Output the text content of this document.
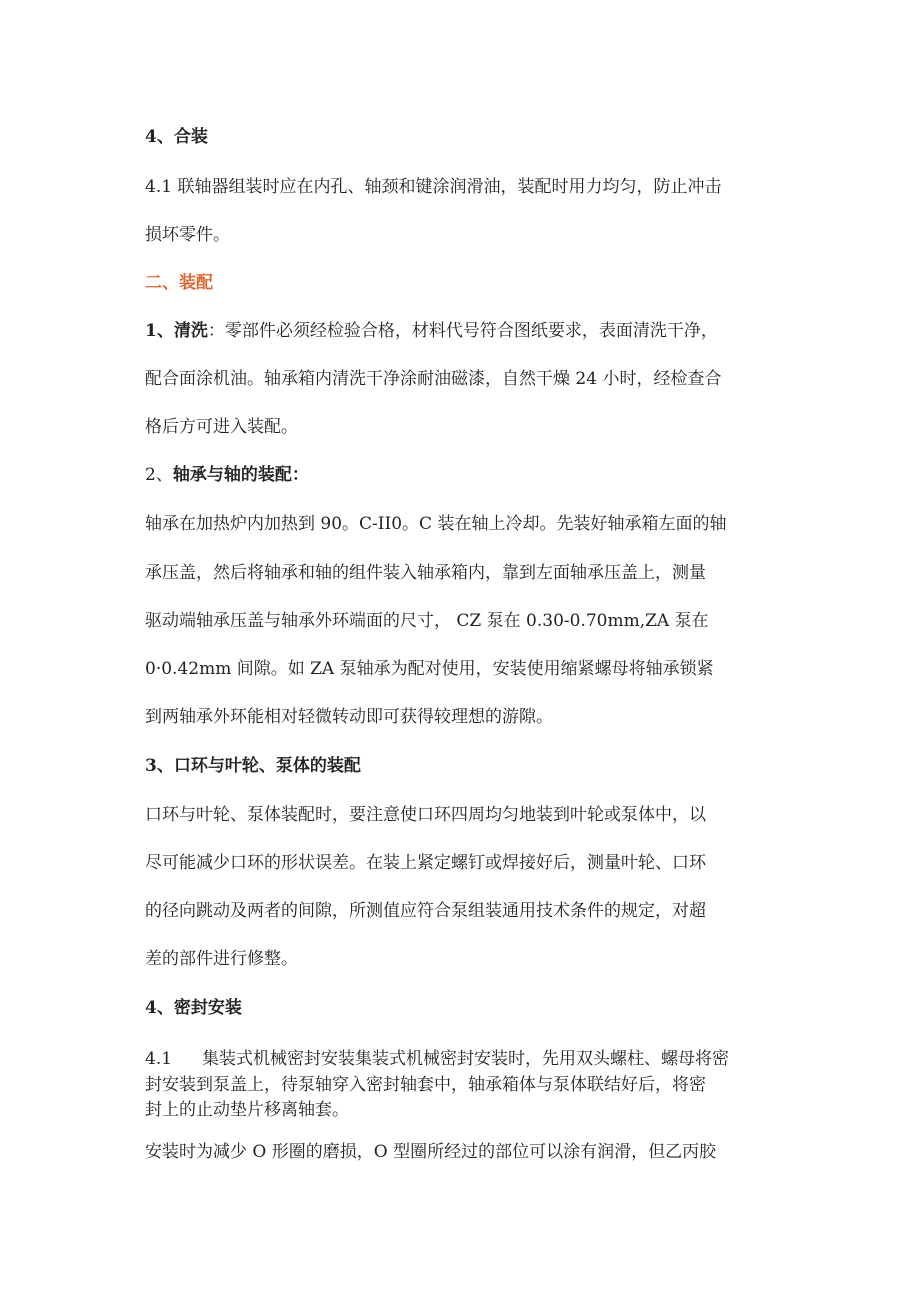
4、合装
4.1 联轴器组装时应在内孔、轴颈和键涂润滑油，装配时用力均匀，防止冲击
损坏零件。
二、装配
1、清洗：零部件必须经检验合格，材料代号符合图纸要求，表面清洗干净，
配合面涂机油。轴承箱内清洗干净涂耐油磁漆，自然干燥 24 小时，经检查合
格后方可进入装配。
2、轴承与轴的装配：
轴承在加热炉内加热到 90。C-II0。C 装在轴上冷却。先装好轴承箱左面的轴
承压盖，然后将轴承和轴的组件装入轴承箱内，靠到左面轴承压盖上，测量
驱动端轴承压盖与轴承外环端面的尺寸， CZ 泵在 0.30-0.70mm,ZA 泵在
0·0.42mm 间隙。如 ZA 泵轴承为配对使用，安装使用缩紧螺母将轴承锁紧
到两轴承外环能相对轻微转动即可获得较理想的游隙。
3、口环与叶轮、泵体的装配
口环与叶轮、泵体装配时，要注意使口环四周均匀地装到叶轮或泵体中，以
尽可能减少口环的形状误差。在装上紧定螺钉或焊接好后，测量叶轮、口环
的径向跳动及两者的间隙，所测值应符合泵组装通用技术条件的规定，对超
差的部件进行修整。
4、密封安装
4.1 集装式机械密封安装集装式机械密封安装时，先用双头螺柱、螺母将密
封安装到泵盖上，待泵轴穿入密封轴套中，轴承箱体与泵体联结好后，将密
封上的止动垫片移离轴套。
安装时为减少 O 形圈的磨损，O 型圈所经过的部位可以涂有润滑，但乙丙胶
